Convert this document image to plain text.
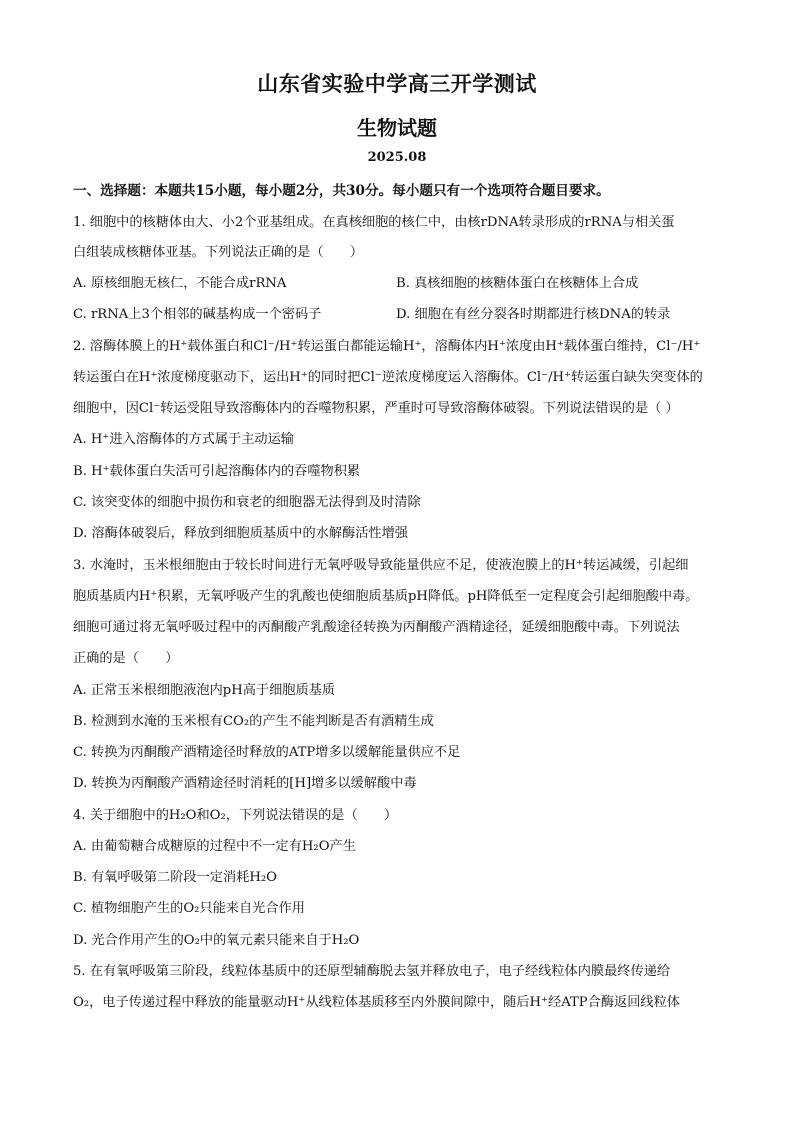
山东省实验中学高三开学测试
生物试题
2025.08
一、选择题：本题共15小题，每小题2分，共30分。每小题只有一个选项符合题目要求。
1. 细胞中的核糖体由大、小2个亚基组成。在真核细胞的核仁中，由核rDNA转录形成的rRNA与相关蛋
白组装成核糖体亚基。下列说法正确的是（　　）
A. 原核细胞无核仁，不能合成rRNA	B. 真核细胞的核糖体蛋白在核糖体上合成
C. rRNA上3个相邻的碱基构成一个密码子	D. 细胞在有丝分裂各时期都进行核DNA的转录
2. 溶酶体膜上的H⁺载体蛋白和Cl⁻/H⁺转运蛋白都能运输H⁺，溶酶体内H⁺浓度由H⁺载体蛋白维持，Cl⁻/H⁺
转运蛋白在H⁺浓度梯度驱动下，运出H⁺的同时把Cl⁻逆浓度梯度运入溶酶体。Cl⁻/H⁺转运蛋白缺失突变体的
细胞中，因Cl⁻转运受阻导致溶酶体内的吞噬物积累，严重时可导致溶酶体破裂。下列说法错误的是（ ）
A. H⁺进入溶酶体的方式属于主动运输
B. H⁺载体蛋白失活可引起溶酶体内的吞噬物积累
C. 该突变体的细胞中损伤和衰老的细胞器无法得到及时清除
D. 溶酶体破裂后，释放到细胞质基质中的水解酶活性增强
3. 水淹时，玉米根细胞由于较长时间进行无氧呼吸导致能量供应不足，使液泡膜上的H⁺转运减缓，引起细
胞质基质内H⁺积累，无氧呼吸产生的乳酸也使细胞质基质pH降低。pH降低至一定程度会引起细胞酸中毒。
细胞可通过将无氧呼吸过程中的丙酮酸产乳酸途径转换为丙酮酸产酒精途径，延缓细胞酸中毒。下列说法
正确的是（　　）
A. 正常玉米根细胞液泡内pH高于细胞质基质
B. 检测到水淹的玉米根有CO₂的产生不能判断是否有酒精生成
C. 转换为丙酮酸产酒精途径时释放的ATP增多以缓解能量供应不足
D. 转换为丙酮酸产酒精途径时消耗的[H]增多以缓解酸中毒
4. 关于细胞中的H₂O和O₂，下列说法错误的是（　　）
A. 由葡萄糖合成糖原的过程中不一定有H₂O产生
B. 有氧呼吸第二阶段一定消耗H₂O
C. 植物细胞产生的O₂只能来自光合作用
D. 光合作用产生的O₂中的氧元素只能来自于H₂O
5. 在有氧呼吸第三阶段，线粒体基质中的还原型辅酶脱去氢并释放电子，电子经线粒体内膜最终传递给
O₂，电子传递过程中释放的能量驱动H⁺从线粒体基质移至内外膜间隙中，随后H⁺经ATP合酶返回线粒体
